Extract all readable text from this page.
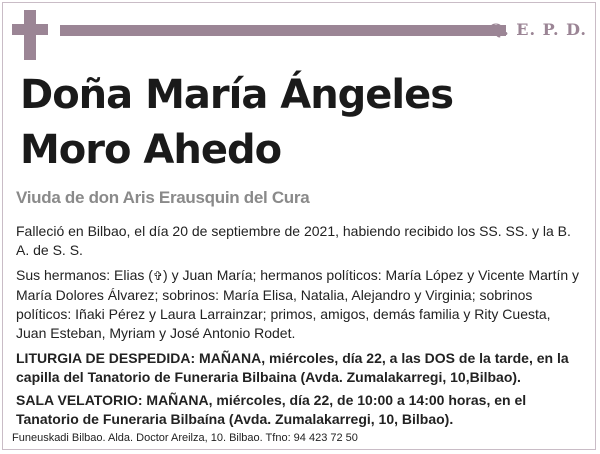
Q. E. P. D.
Doña María Ángeles
Moro Ahedo
Viuda de don Aris Erausquin del Cura

Falleció en Bilbao, el día 20 de septiembre de 2021, habiendo recibido los SS. SS. y la B. A. de S. S.

Sus hermanos: Elias (✞) y Juan María; hermanos políticos: María López y Vicente Martín y María Dolores Álvarez; sobrinos: María Elisa, Natalia, Alejandro y Virginia; sobrinos políticos: Iñaki Pérez y Laura Larrainzar; primos, amigos, demás familia y Rity Cuesta, Juan Esteban, Myriam y José Antonio Rodet.

LITURGIA DE DESPEDIDA: MAÑANA, miércoles, día 22, a las DOS de la tarde, en la capilla del Tanatorio de Funeraria Bilbaina (Avda. Zumalakarregi, 10,Bilbao).

SALA VELATORIO: MAÑANA, miércoles, día 22, de 10:00 a 14:00 horas, en el Tanatorio de Funeraria Bilbaína (Avda. Zumalakarregi, 10, Bilbao).

Funeuskadi Bilbao. Alda. Doctor Areilza, 10. Bilbao. Tfno: 94 423 72 50
